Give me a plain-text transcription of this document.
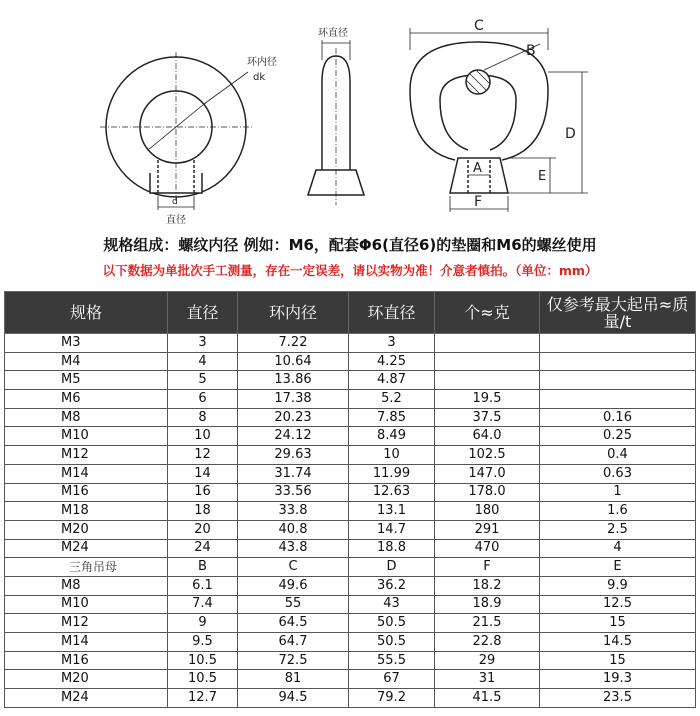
环内径
dk
d
直径
环直径	C
B
D
A
E
F
规格组成：螺纹内径 例如：M6，配套Φ6(直径6)的垫圈和M6的螺丝使用
以下数据为单批次手工测量，存在一定误差，请以实物为准！介意者慎拍。（单位：mm）
规格	直径	环内径	环直径	个≈克	仅参考最大起吊≈质量/t
M3	3	7.22	3		
M4	4	10.64	4.25		
M5	5	13.86	4.87		
M6	6	17.38	5.2	19.5	
M8	8	20.23	7.85	37.5	0.16
M10	10	24.12	8.49	64.0	0.25
M12	12	29.63	10	102.5	0.4
M14	14	31.74	11.99	147.0	0.63
M16	16	33.56	12.63	178.0	1
M18	18	33.8	13.1	180	1.6
M20	20	40.8	14.7	291	2.5
M24	24	43.8	18.8	470	4
三角吊母	B	C	D	F	E
M8	6.1	49.6	36.2	18.2	9.9
M10	7.4	55	43	18.9	12.5
M12	9	64.5	50.5	21.5	15
M14	9.5	64.7	50.5	22.8	14.5
M16	10.5	72.5	55.5	29	15
M20	10.5	81	67	31	19.3
M24	12.7	94.5	79.2	41.5	23.5
